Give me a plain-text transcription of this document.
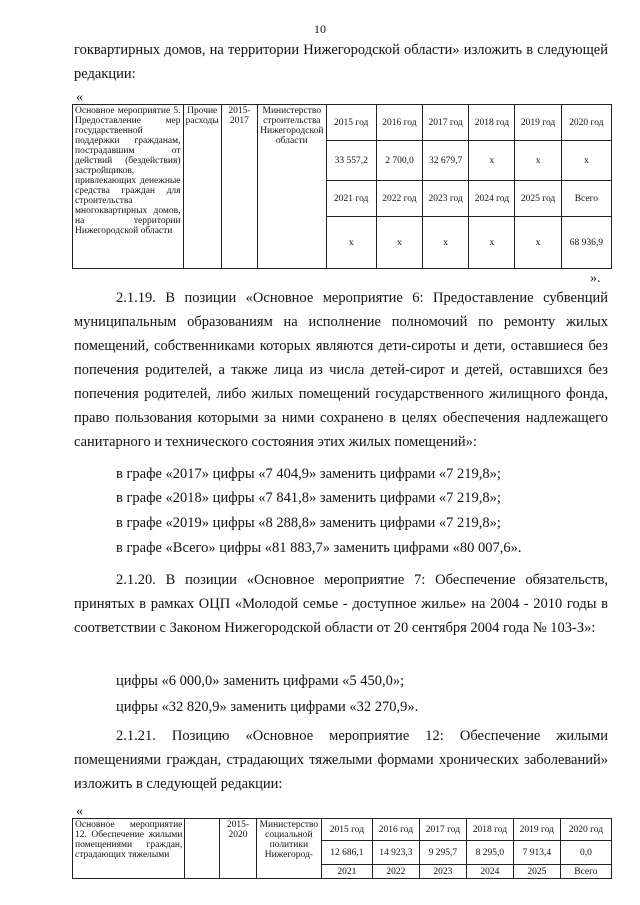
10
гоквартирных домов, на территории Нижегородской области» изложить в следующей редакции:
«
Основное мероприятие 5. Предоставление мер государственной поддержки гражданам, пострадавшим от действий (бездействия) застройщиков, привлекающих денежные средства граждан для строительства многоквартирных домов, на территории Нижегородской области	Прочие расходы	2015-2017	Министерство строительства Нижегородской области	2015 год	2016 год	2017 год	2018 год	2019 год	2020 год
				33 557,2	2 700,0	32 679,7	x	x	x
				2021 год	2022 год	2023 год	2024 год	2025 год	Всего
				x	x	x	x	x	68 936,9
».
2.1.19. В позиции «Основное мероприятие 6: Предоставление субвенций муниципальным образованиям на исполнение полномочий по ремонту жилых помещений, собственниками которых являются дети-сироты и дети, оставшиеся без попечения родителей, а также лица из числа детей-сирот и детей, оставшихся без попечения родителей, либо жилых помещений государственного жилищного фонда, право пользования которыми за ними сохранено в целях обеспечения надлежащего санитарного и технического состояния этих жилых помещений»:
в графе «2017» цифры «7 404,9» заменить цифрами «7 219,8»;
в графе «2018» цифры «7 841,8» заменить цифрами «7 219,8»;
в графе «2019» цифры «8 288,8» заменить цифрами «7 219,8»;
в графе «Всего» цифры «81 883,7» заменить цифрами «80 007,6».
2.1.20. В позиции «Основное мероприятие 7: Обеспечение обязательств, принятых в рамках ОЦП «Молодой семье - доступное жилье» на 2004 - 2010 годы в соответствии с Законом Нижегородской области от 20 сентября 2004 года № 103-З»:
цифры «6 000,0» заменить цифрами «5 450,0»;
цифры «32 820,9» заменить цифрами «32 270,9».
2.1.21. Позицию «Основное мероприятие 12: Обеспечение жилыми помещениями граждан, страдающих тяжелыми формами хронических заболеваний» изложить в следующей редакции:
«
Основное мероприятие 12. Обеспечение жилыми помещениями граждан, страдающих тяжелыми		2015-2020	Министерство социальной политики Нижегород-	2015 год	2016 год	2017 год	2018 год	2019 год	2020 год
				12 686,1	14 923,3	9 295,7	8 295,0	7 913,4	0,0
				2021	2022	2023	2024	2025	Всего
